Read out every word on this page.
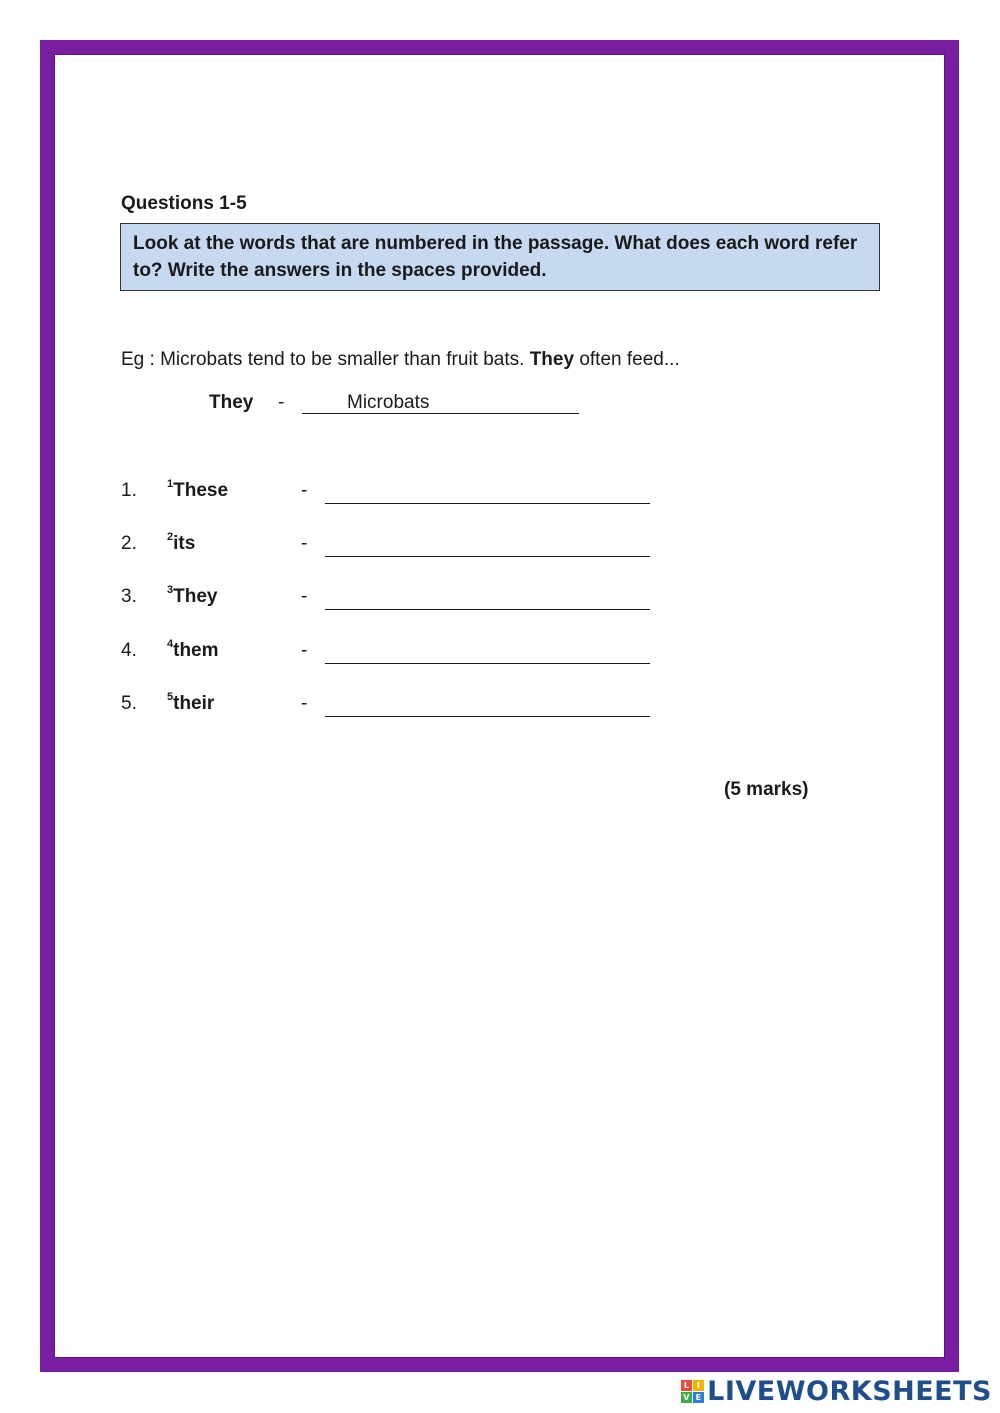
Questions 1-5
Look at the words that are numbered in the passage. What does each word refer to? Write the answers in the spaces provided.
Eg : Microbats tend to be smaller than fruit bats. They often feed...
They -	Microbats
1.	$^1$These	-
2.	$^2$its	-
3.	$^3$They	-
4.	$^4$them	-
5.	$^5$their	-
(5 marks)
L I
V E LIVEWORKSHEETS
